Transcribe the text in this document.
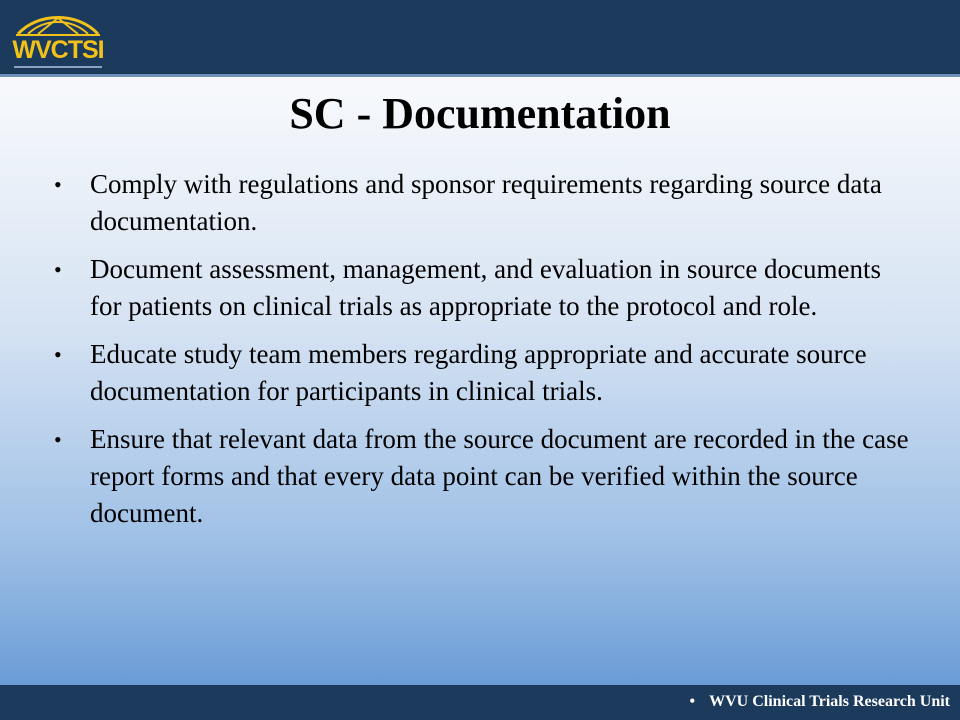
WVCTSI
SC - Documentation
• Comply with regulations and sponsor requirements regarding source data documentation.
• Document assessment, management, and evaluation in source documents for patients on clinical trials as appropriate to the protocol and role.
• Educate study team members regarding appropriate and accurate source documentation for participants in clinical trials.
• Ensure that relevant data from the source document are recorded in the case report forms and that every data point can be verified within the source document.
• WVU Clinical Trials Research Unit
